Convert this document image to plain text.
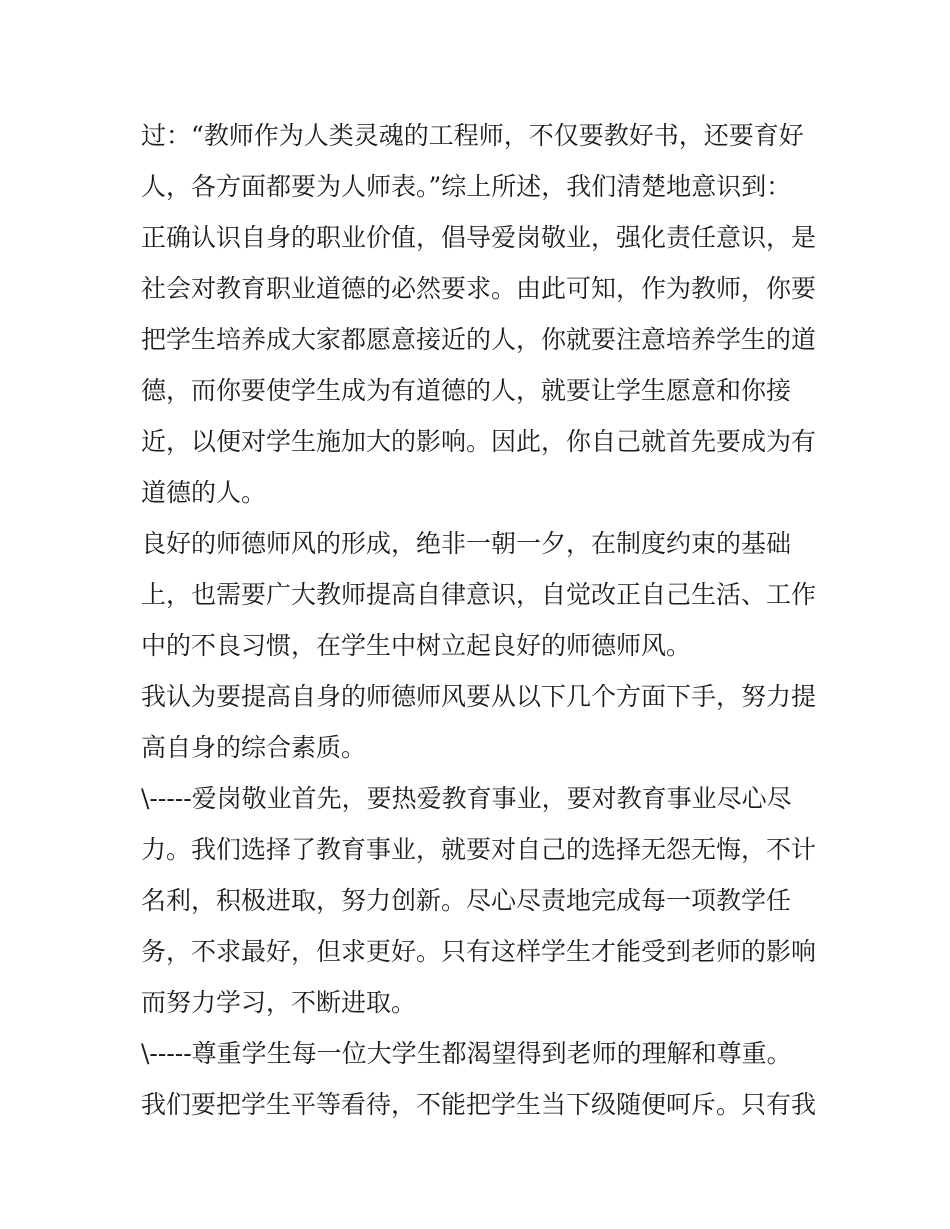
过：“教师作为人类灵魂的工程师，不仅要教好书，还要育好
人，各方面都要为人师表。”综上所述，我们清楚地意识到：
正确认识自身的职业价值，倡导爱岗敬业，强化责任意识，是
社会对教育职业道德的必然要求。由此可知，作为教师，你要
把学生培养成大家都愿意接近的人，你就要注意培养学生的道
德，而你要使学生成为有道德的人，就要让学生愿意和你接
近，以便对学生施加大的影响。因此，你自己就首先要成为有
道德的人。
良好的师德师风的形成，绝非一朝一夕，在制度约束的基础
上，也需要广大教师提高自律意识，自觉改正自己生活、工作
中的不良习惯，在学生中树立起良好的师德师风。
我认为要提高自身的师德师风要从以下几个方面下手，努力提
高自身的综合素质。
\-----爱岗敬业首先，要热爱教育事业，要对教育事业尽心尽
力。我们选择了教育事业，就要对自己的选择无怨无悔，不计
名利，积极进取，努力创新。尽心尽责地完成每一项教学任
务，不求最好，但求更好。只有这样学生才能受到老师的影响
而努力学习，不断进取。
\-----尊重学生每一位大学生都渴望得到老师的理解和尊重。
我们要把学生平等看待，不能把学生当下级随便呵斥。只有我
